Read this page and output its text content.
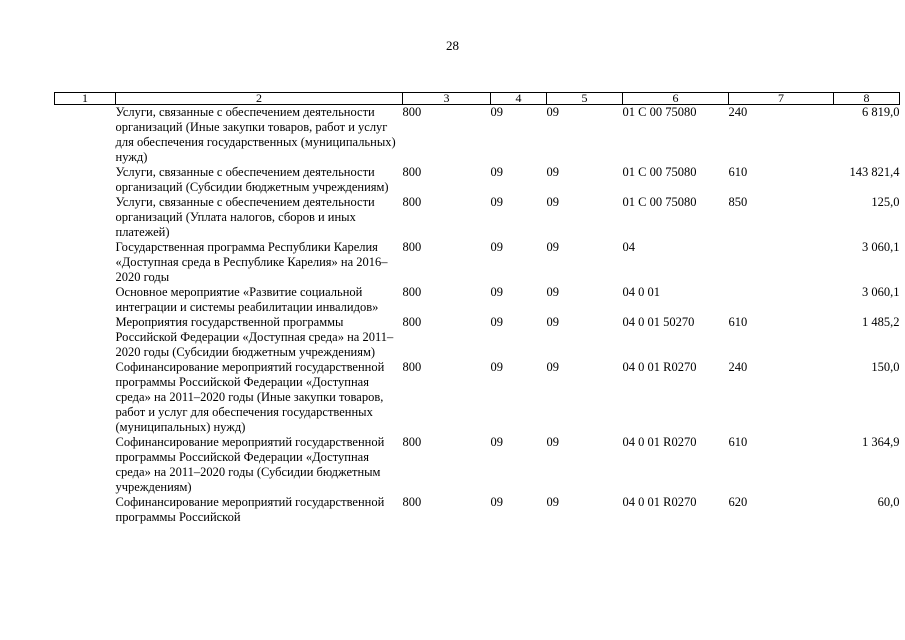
28
1	2	3	4	5	6	7	8
	Услуги, связанные с обеспечением деятельности организаций (Иные закупки товаров, работ и услуг для обеспечения государственных (муниципальных) нужд)	800	09	09	01 С 00 75080	240	6 819,0
	Услуги, связанные с обеспечением деятельности организаций (Субсидии бюджетным учреждениям)	800	09	09	01 С 00 75080	610	143 821,4
	Услуги, связанные с обеспечением деятельности организаций (Уплата налогов, сборов и иных платежей)	800	09	09	01 С 00 75080	850	125,0
	Государственная программа Республики Карелия «Доступная среда в Республике Карелия» на 2016–2020 годы	800	09	09	04		3 060,1
	Основное мероприятие «Развитие социальной интеграции и системы реабилитации инвалидов»	800	09	09	04 0 01		3 060,1
	Мероприятия государственной программы Российской Федерации «Доступная среда» на 2011–2020 годы (Субсидии бюджетным учреждениям)	800	09	09	04 0 01 50270	610	1 485,2
	Софинансирование мероприятий государственной программы Российской Федерации «Доступная среда» на 2011–2020 годы (Иные закупки товаров, работ и услуг для обеспечения государственных (муниципальных) нужд)	800	09	09	04 0 01 R0270	240	150,0
	Софинансирование мероприятий государственной программы Российской Федерации «Доступная среда» на 2011–2020 годы (Субсидии бюджетным учреждениям)	800	09	09	04 0 01 R0270	610	1 364,9
	Софинансирование мероприятий государственной программы Российской	800	09	09	04 0 01 R0270	620	60,0
